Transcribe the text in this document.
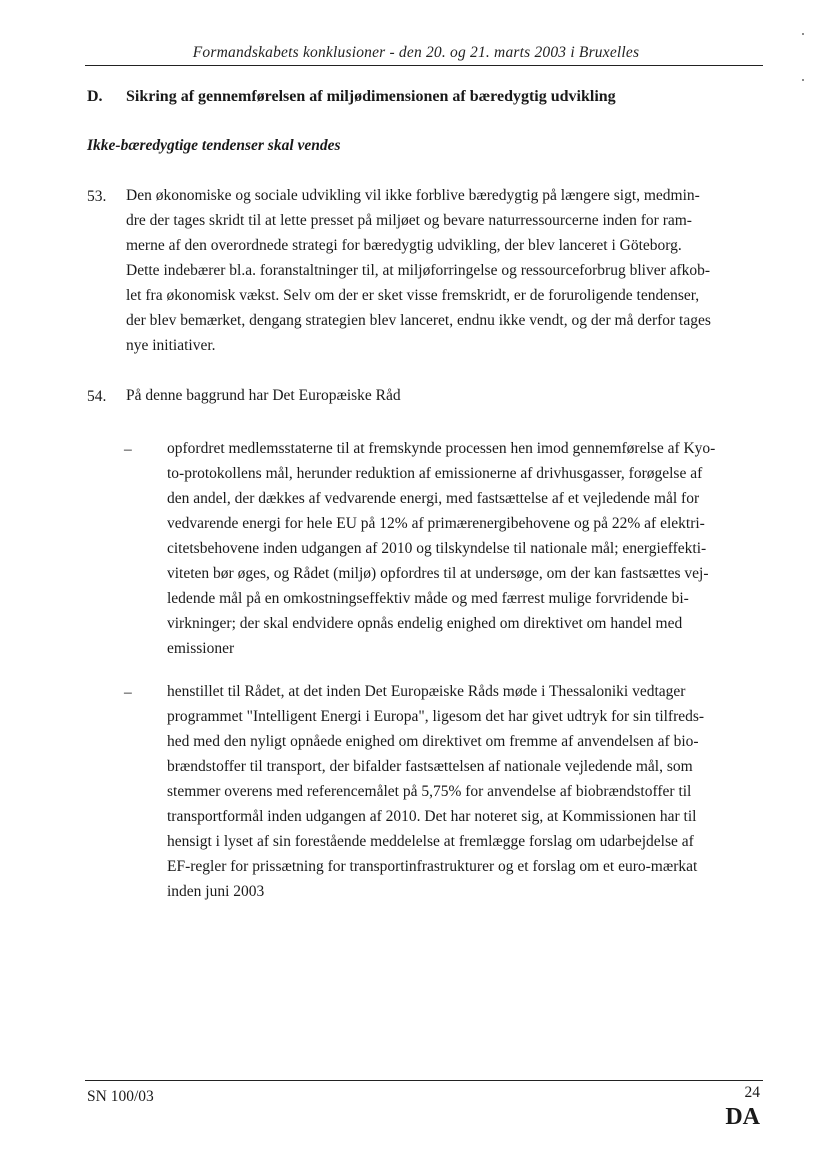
Formandskabets konklusioner - den 20. og 21. marts 2003 i Bruxelles
D. Sikring af gennemførelsen af miljødimensionen af bæredygtig udvikling
Ikke-bæredygtige tendenser skal vendes
53. Den økonomiske og sociale udvikling vil ikke forblive bæredygtig på længere sigt, medmin-
dre der tages skridt til at lette presset på miljøet og bevare naturressourcerne inden for ram-
merne af den overordnede strategi for bæredygtig udvikling, der blev lanceret i Göteborg.
Dette indebærer bl.a. foranstaltninger til, at miljøforringelse og ressourceforbrug bliver afkob-
let fra økonomisk vækst. Selv om der er sket visse fremskridt, er de foruroligende tendenser,
der blev bemærket, dengang strategien blev lanceret, endnu ikke vendt, og der må derfor tages
nye initiativer.
54. På denne baggrund har Det Europæiske Råd
– opfordret medlemsstaterne til at fremskynde processen hen imod gennemførelse af Kyo-
to-protokollens mål, herunder reduktion af emissionerne af drivhusgasser, forøgelse af
den andel, der dækkes af vedvarende energi, med fastsættelse af et vejledende mål for
vedvarende energi for hele EU på 12% af primærenergibehovene og på 22% af elektri-
citetsbehovene inden udgangen af 2010 og tilskyndelse til nationale mål; energieffekti-
viteten bør øges, og Rådet (miljø) opfordres til at undersøge, om der kan fastsættes vej-
ledende mål på en omkostningseffektiv måde og med færrest mulige forvridende bi-
virkninger; der skal endvidere opnås endelig enighed om direktivet om handel med
emissioner
– henstillet til Rådet, at det inden Det Europæiske Råds møde i Thessaloniki vedtager
programmet "Intelligent Energi i Europa", ligesom det har givet udtryk for sin tilfreds-
hed med den nyligt opnåede enighed om direktivet om fremme af anvendelsen af bio-
brændstoffer til transport, der bifalder fastsættelsen af nationale vejledende mål, som
stemmer overens med referencemålet på 5,75% for anvendelse af biobrændstoffer til
transportformål inden udgangen af 2010. Det har noteret sig, at Kommissionen har til
hensigt i lyset af sin forestående meddelelse at fremlægge forslag om udarbejdelse af
EF-regler for prissætning for transportinfrastrukturer og et forslag om et euro-mærkat
inden juni 2003
SN 100/03	24
DA
